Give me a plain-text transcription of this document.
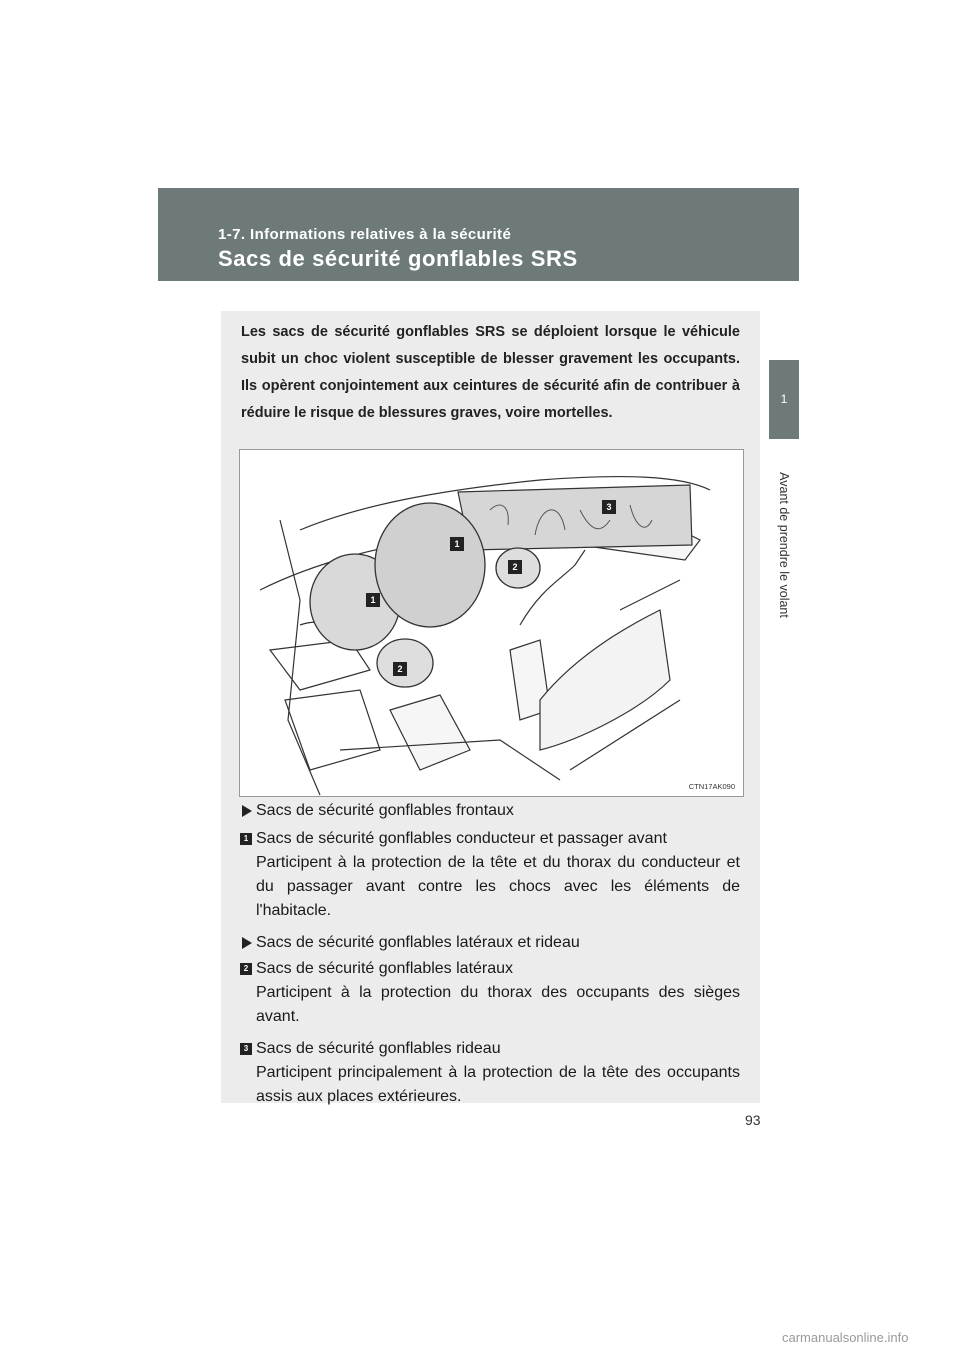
1-7. Informations relatives à la sécurité
Sacs de sécurité gonflables SRS
1
Avant de prendre le volant
Les sacs de sécurité gonflables SRS se déploient lorsque le véhicule subit un choc violent susceptible de blesser gravement les occupants. Ils opèrent conjointement aux ceintures de sécurité afin de contribuer à réduire le risque de blessures graves, voire mortelles.
1
1
2
2
3
CTN17AK090
Sacs de sécurité gonflables frontaux
1 Sacs de sécurité gonflables conducteur et passager avant
Participent à la protection de la tête et du thorax du conducteur et du passager avant contre les chocs avec les éléments de l'habitacle.
Sacs de sécurité gonflables latéraux et rideau
2 Sacs de sécurité gonflables latéraux
Participent à la protection du thorax des occupants des sièges avant.
3 Sacs de sécurité gonflables rideau
Participent principalement à la protection de la tête des occupants assis aux places extérieures.
93
carmanualsonline.info
